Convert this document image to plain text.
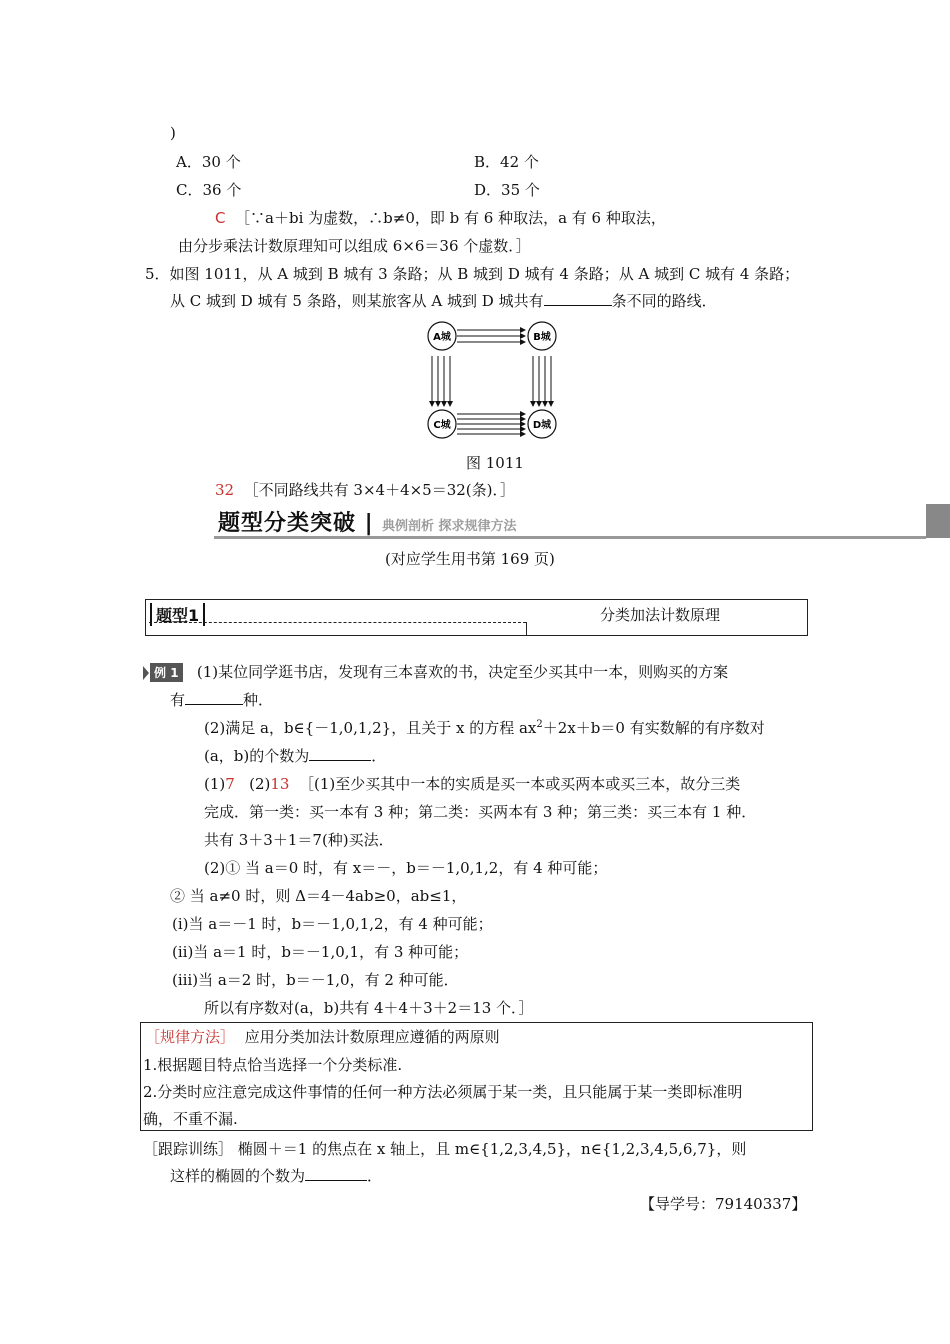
)
A．30 个	B．42 个
C．36 个	D．35 个
C ［∵a＋bi 为虚数，∴b≠0，即 b 有 6 种取法，a 有 6 种取法，
由分步乘法计数原理知可以组成 6×6＝36 个虚数．］
5．如图 1011，从 A 城到 B 城有 3 条路；从 B 城到 D 城有 4 条路；从 A 城到 C 城有 4 条路；
从 C 城到 D 城有 5 条路，则某旅客从 A 城到 D 城共有	条不同的路线．
A城	B城
C城	D城
图 1011
32 ［不同路线共有 3×4＋4×5＝32(条)．］
题型分类突破 | 典例剖析 探求规律方法
(对应学生用书第 169 页)
题型1	分类加法计数原理
例 1 (1)某位同学逛书店，发现有三本喜欢的书，决定至少买其中一本，则购买的方案
有	种．
(2)满足 a，b∈{－1,0,1,2}，且关于 x 的方程 $ax^2+2x+b=0$ 有实数解的有序数对
(a，b)的个数为	．
(1)7 (2)13 ［(1)至少买其中一本的实质是买一本或买两本或买三本，故分三类
完成．第一类：买一本有 3 种；第二类：买两本有 3 种；第三类：买三本有 1 种．
共有 3＋3＋1＝7(种)买法．
(2)① 当 a＝0 时，有 x＝－，b＝－1,0,1,2，有 4 种可能；
② 当 a≠0 时，则 Δ＝4－4ab≥0，ab≤1，
(ⅰ)当 a＝－1 时，b＝－1,0,1,2，有 4 种可能；
(ⅱ)当 a＝1 时，b＝－1,0,1，有 3 种可能；
(ⅲ)当 a＝2 时，b＝－1,0，有 2 种可能．
所以有序数对(a，b)共有 4＋4＋3＋2＝13 个．］
［规律方法］ 应用分类加法计数原理应遵循的两原则
1.根据题目特点恰当选择一个分类标准.
2.分类时应注意完成这件事情的任何一种方法必须属于某一类，且只能属于某一类即标准明
确，不重不漏.
［跟踪训练］ 椭圆＋＝1 的焦点在 x 轴上，且 m∈{1,2,3,4,5}，n∈{1,2,3,4,5,6,7}，则
这样的椭圆的个数为	．
【导学号：79140337】
